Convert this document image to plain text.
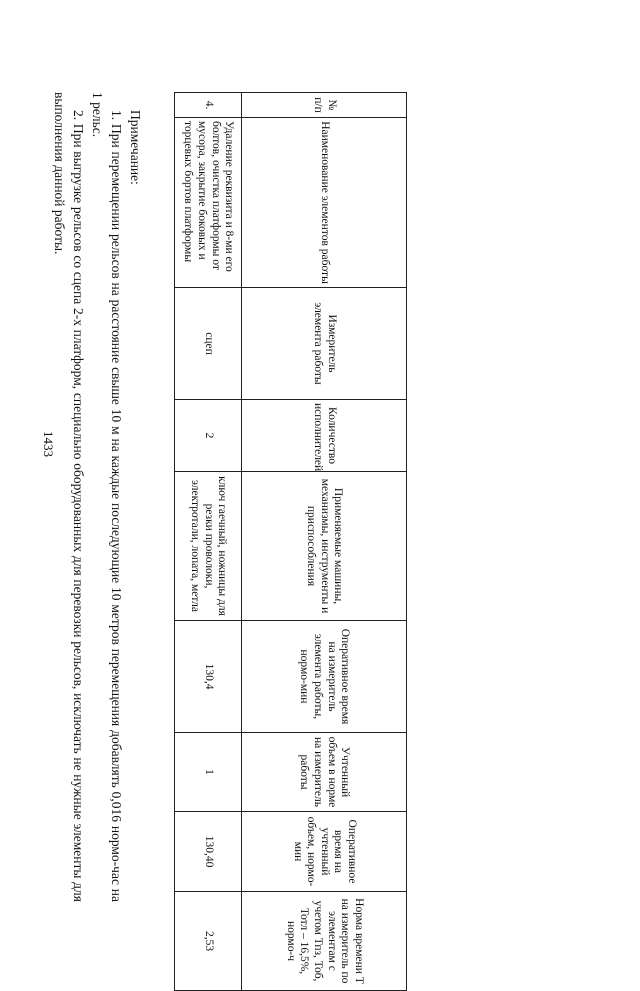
1433
№ п/п	Наименование элементов работы	Измеритель элемента работы	Количество исполнителей	Применяемые машины, механизмы, инструменты и приспособления	Оперативное время на измеритель элемента работы, нормо-мин	Учтенный объем в норме на измеритель работы	Оперативное время на учтенный объем, нормо-мин	Норма времени Т на измеритель по элементам с учетом Тпз, Тоб, Тотл – 16,5%, нормо-ч
4.	Удаление реквизита и 8-ми его болтов, очистка платформы от мусора, закрытие боковых и торцевых бортов платформы	сцеп	2	ключ гаечный, ножницы для резки проволоки, электротали, лопата, метла	130,4	1	130,40	2,53

Примечание:

1. При перемещении рельсов на расстояние свыше 10 м на каждые последующие 10 метров перемещения добавлять 0,016 нормо-час на 1 рельс.

2. При выгрузке рельсов со сцепа 2-х платформ, специально оборудованных для перевозки рельсов, исключать не нужные элементы для выполнения данной работы.
